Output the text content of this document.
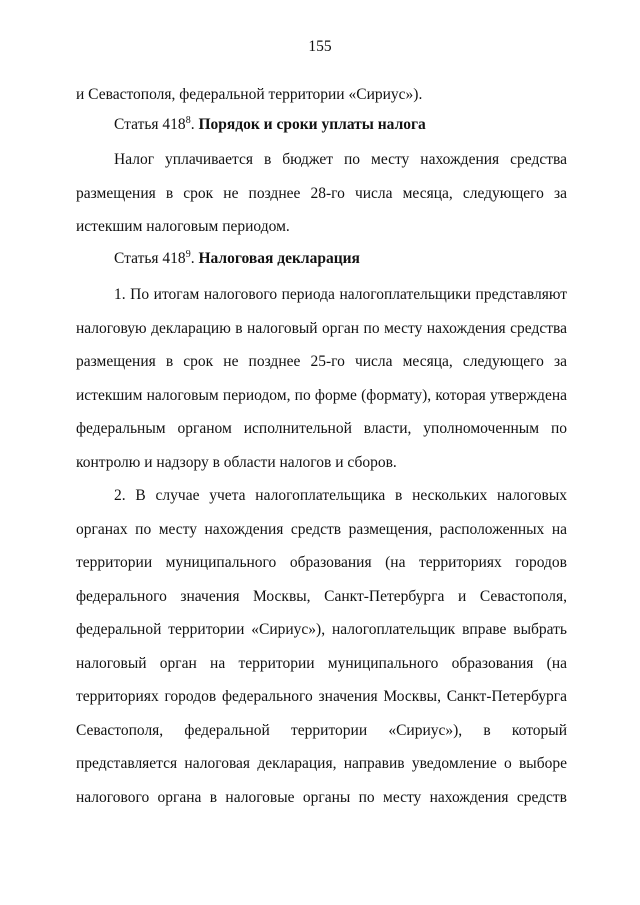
155
и Севастополя, федеральной территории «Сириус»).
Статья $418^8$. Порядок и сроки уплаты налога
Налог уплачивается в бюджет по месту нахождения средства
размещения в срок не позднее 28-го числа месяца, следующего за
истекшим налоговым периодом.
Статья $418^9$. Налоговая декларация
1. По итогам налогового периода налогоплательщики представляют
налоговую декларацию в налоговый орган по месту нахождения средства
размещения в срок не позднее 25-го числа месяца, следующего за
истекшим налоговым периодом, по форме (формату), которая утверждена
федеральным органом исполнительной власти, уполномоченным по
контролю и надзору в области налогов и сборов.
2. В случае учета налогоплательщика в нескольких налоговых
органах по месту нахождения средств размещения, расположенных на
территории муниципального образования (на территориях городов
федерального значения Москвы, Санкт-Петербурга и Севастополя,
федеральной территории «Сириус»), налогоплательщик вправе выбрать
налоговый орган на территории муниципального образования (на
территориях городов федерального значения Москвы, Санкт-Петербурга
Севастополя, федеральной территории «Сириус»), в который
представляется налоговая декларация, направив уведомление о выборе
налогового органа в налоговые органы по месту нахождения средств
